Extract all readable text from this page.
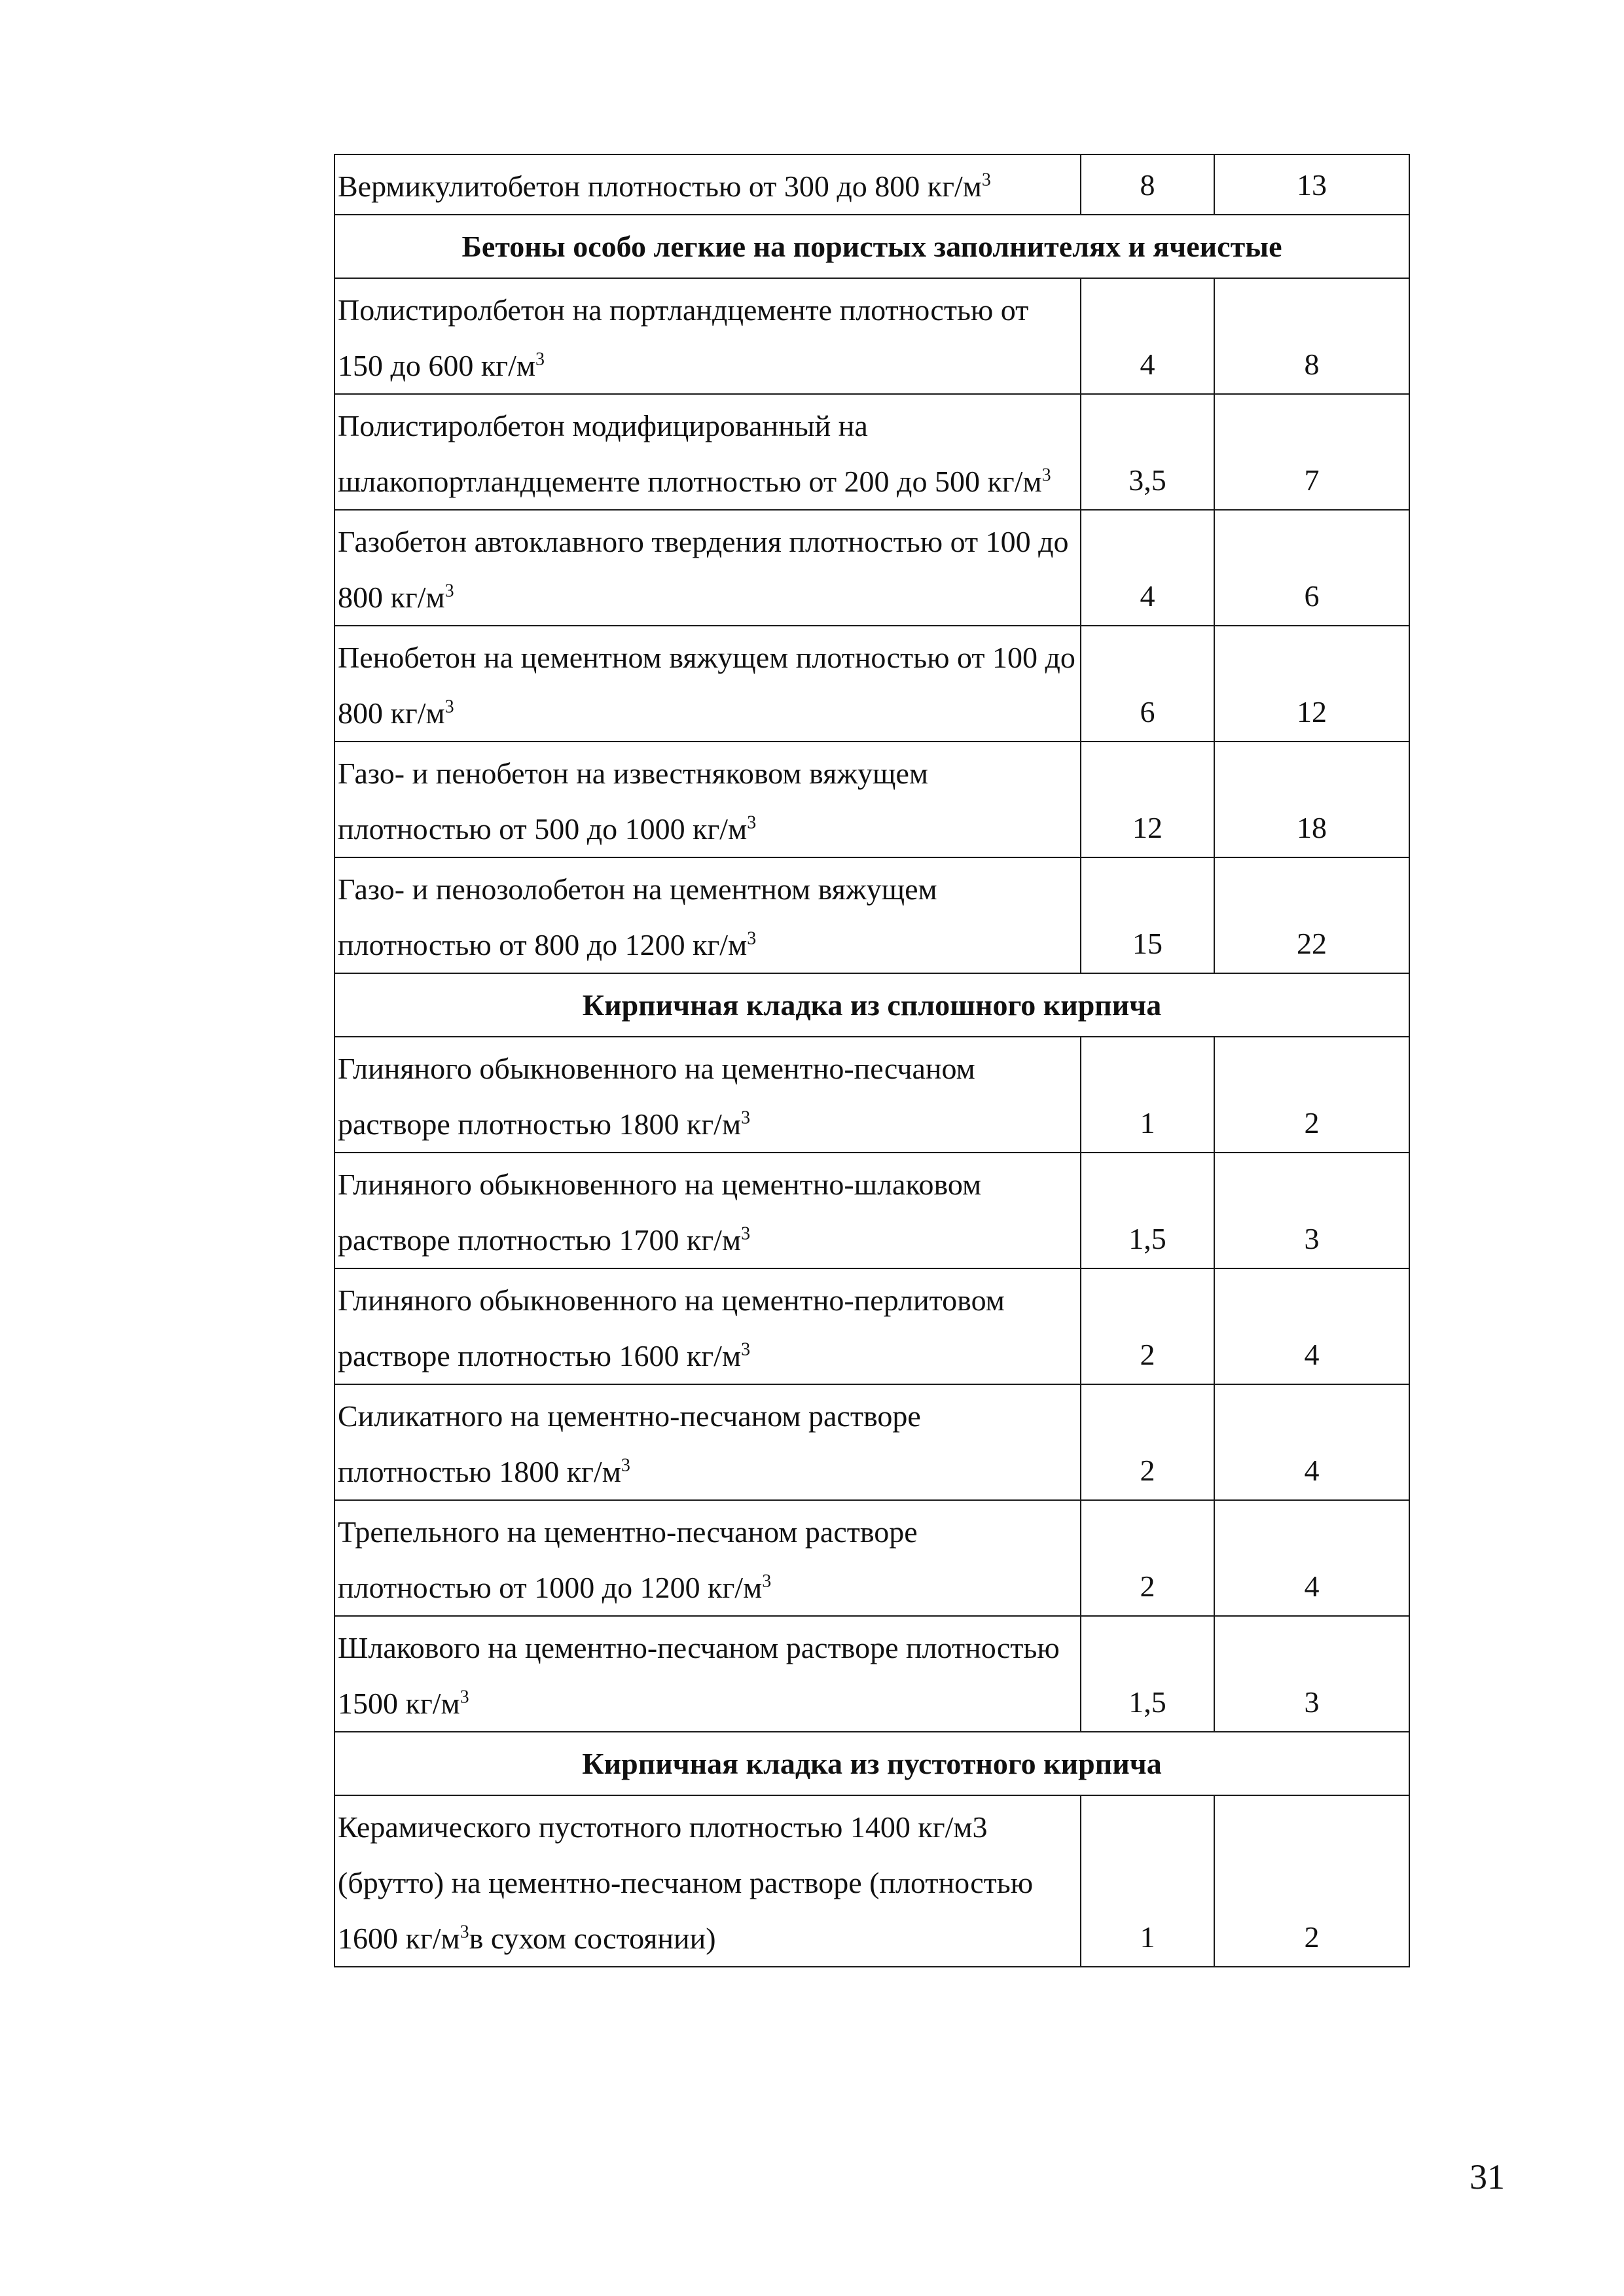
Вермикулитобетон плотностью от 300 до 800 $кг/м^3$	8	13
Бетоны особо легкие на пористых заполнителях и ячеистые		
Полистиролбетон на портландцементе плотностью от 150 до 600 $кг/м^3$	4	8
Полистиролбетон модифицированный на шлакопортландцементе плотностью от 200 до 500 $кг/м^3$	3,5	7
Газобетон автоклавного твердения плотностью от 100 до 800 $кг/м^3$	4	6
Пенобетон на цементном вяжущем плотностью от 100 до 800 $кг/м^3$	6	12
Газо- и пенобетон на известняковом вяжущем плотностью от 500 до 1000 $кг/м^3$	12	18
Газо- и пенозолобетон на цементном вяжущем плотностью от 800 до 1200 $кг/м^3$	15	22
Кирпичная кладка из сплошного кирпича		
Глиняного обыкновенного на цементно-песчаном растворе плотностью 1800 $кг/м^3$	1	2
Глиняного обыкновенного на цементно-шлаковом растворе плотностью 1700 $кг/м^3$	1,5	3
Глиняного обыкновенного на цементно-перлитовом растворе плотностью 1600 $кг/м^3$	2	4
Силикатного на цементно-песчаном растворе плотностью 1800 $кг/м^3$	2	4
Трепельного на цементно-песчаном растворе плотностью от 1000 до 1200 $кг/м^3$	2	4
Шлакового на цементно-песчаном растворе плотностью 1500 $кг/м^3$	1,5	3
Кирпичная кладка из пустотного кирпича		
Керамического пустотного плотностью 1400 кг/м3 (брутто) на цементно-песчаном растворе (плотностью 1600 $кг/м^3в$ сухом состоянии)	1	2
31
